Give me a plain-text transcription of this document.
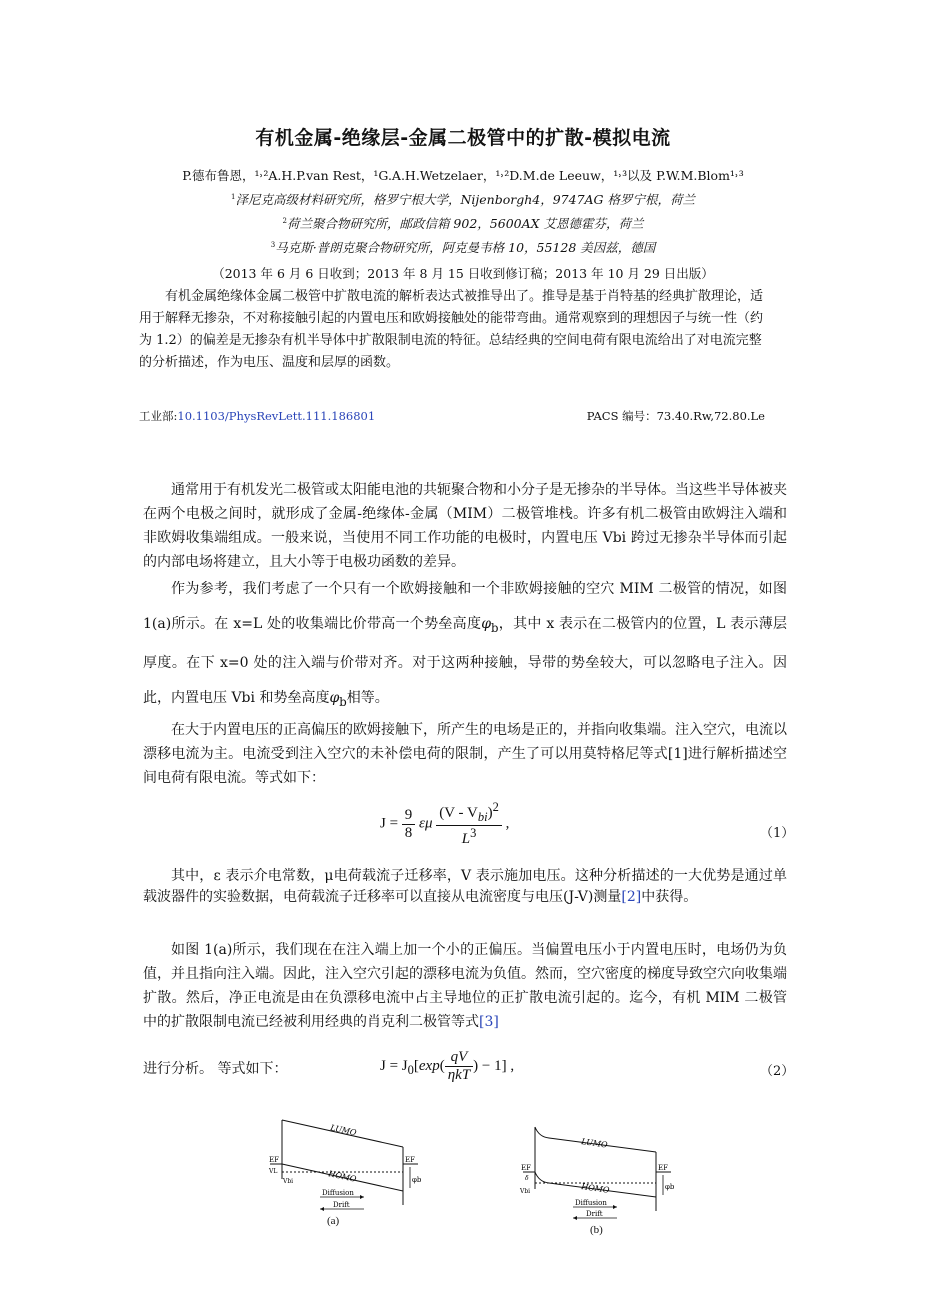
有机金属-绝缘层-金属二极管中的扩散-模拟电流
P.德布鲁恩，¹˒²A.H.P.van Rest，¹G.A.H.Wetzelaer，¹˒²D.M.de Leeuw，¹˒³以及 P.W.M.Blom¹˒³
$^1$泽尼克高级材料研究所，格罗宁根大学，Nijenborgh4，9747AG 格罗宁根，荷兰
$^2$荷兰聚合物研究所，邮政信箱 902，5600AX 艾恩德霍芬，荷兰
$^3$马克斯·普朗克聚合物研究所，阿克曼韦格 10，55128 美因兹，德国
（2013 年 6 月 6 日收到；2013 年 8 月 15 日收到修订稿；2013 年 10 月 29 日出版）

有机金属绝缘体金属二极管中扩散电流的解析表达式被推导出了。推导是基于肖特基的经典扩散理论，适用于解释无掺杂，不对称接触引起的内置电压和欧姆接触处的能带弯曲。通常观察到的理想因子与统一性（约为 1.2）的偏差是无掺杂有机半导体中扩散限制电流的特征。总结经典的空间电荷有限电流给出了对电流完整的分析描述，作为电压、温度和层厚的函数。

工业部:10.1103/PhysRevLett.111.186801	PACS 编号：73.40.Rw,72.80.Le

通常用于有机发光二极管或太阳能电池的共轭聚合物和小分子是无掺杂的半导体。当这些半导体被夹在两个电极之间时，就形成了金属-绝缘体-金属（MIM）二极管堆栈。许多有机二极管由欧姆注入端和非欧姆收集端组成。一般来说，当使用不同工作功能的电极时，内置电压 Vbi 跨过无掺杂半导体而引起的内部电场将建立，且大小等于电极功函数的差异。

作为参考，我们考虑了一个只有一个欧姆接触和一个非欧姆接触的空穴 MIM 二极管的情况，如图 1(a)所示。在 x=L 处的收集端比价带高一个势垒高度$\varphi_b$，其中 x 表示在二极管内的位置，L 表示薄层厚度。在下 x=0 处的注入端与价带对齐。对于这两种接触，导带的势垒较大，可以忽略电子注入。因此，内置电压 Vbi 和势垒高度$\varphi_b$相等。

在大于内置电压的正高偏压的欧姆接触下，所产生的电场是正的，并指向收集端。注入空穴，电流以漂移电流为主。电流受到注入空穴的未补偿电荷的限制，产生了可以用莫特格尼等式[1]进行解析描述空间电荷有限电流。等式如下：

$J = \frac{9}{8}$ εμ $\frac{(V - V_{bi})^2}{L^3}$ ,
（1）

其中，ε 表示介电常数，μ电荷载流子迁移率，V 表示施加电压。这种分析描述的一大优势是通过单载波器件的实验数据，电荷载流子迁移率可以直接从电流密度与电压(J-V)测量[2]中获得。

如图 1(a)所示，我们现在在注入端上加一个小的正偏压。当偏置电压小于内置电压时，电场仍为负值，并且指向注入端。因此，注入空穴引起的漂移电流为负值。然而，空穴密度的梯度导致空穴向收集端扩散。然后，净正电流是由在负漂移电流中占主导地位的正扩散电流引起的。迄今，有机 MIM 二极管中的扩散限制电流已经被利用经典的肖克利二极管等式[3]

进行分析。 等式如下：	$J = J_0[\exp( \frac{qV}{\text{ηkT}}$ ) − 1] ,	（2）
LUMO
HOMO
EF
VL
Vbi
EF
φb
Diffusion
Drift
(a)
LUMO
HOMO
EF
δ
Vbi
EF
φb
Diffusion
Drift
(b)
